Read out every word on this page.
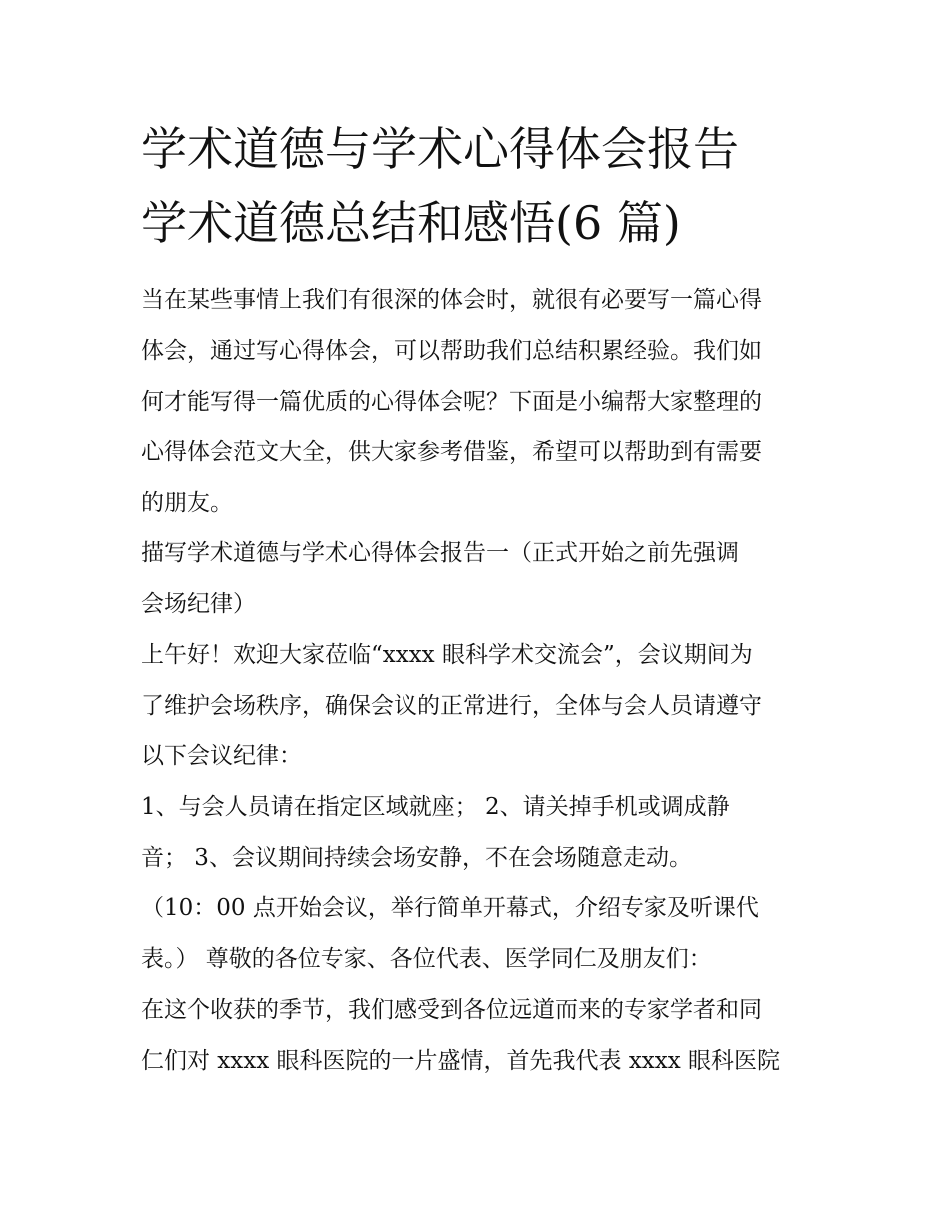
学术道德与学术心得体会报告
学术道德总结和感悟(6 篇)

当在某些事情上我们有很深的体会时，就很有必要写一篇心得

体会，通过写心得体会，可以帮助我们总结积累经验。我们如

何才能写得一篇优质的心得体会呢？下面是小编帮大家整理的

心得体会范文大全，供大家参考借鉴，希望可以帮助到有需要

的朋友。

描写学术道德与学术心得体会报告一（正式开始之前先强调

会场纪律）

上午好！欢迎大家莅临“xxxx 眼科学术交流会”，会议期间为

了维护会场秩序，确保会议的正常进行，全体与会人员请遵守

以下会议纪律：

1、与会人员请在指定区域就座； 2、请关掉手机或调成静

音； 3、会议期间持续会场安静，不在会场随意走动。

（10：00 点开始会议，举行简单开幕式，介绍专家及听课代

表。） 尊敬的各位专家、各位代表、医学同仁及朋友们：

在这个收获的季节，我们感受到各位远道而来的专家学者和同

仁们对 xxxx 眼科医院的一片盛情，首先我代表 xxxx 眼科医院
